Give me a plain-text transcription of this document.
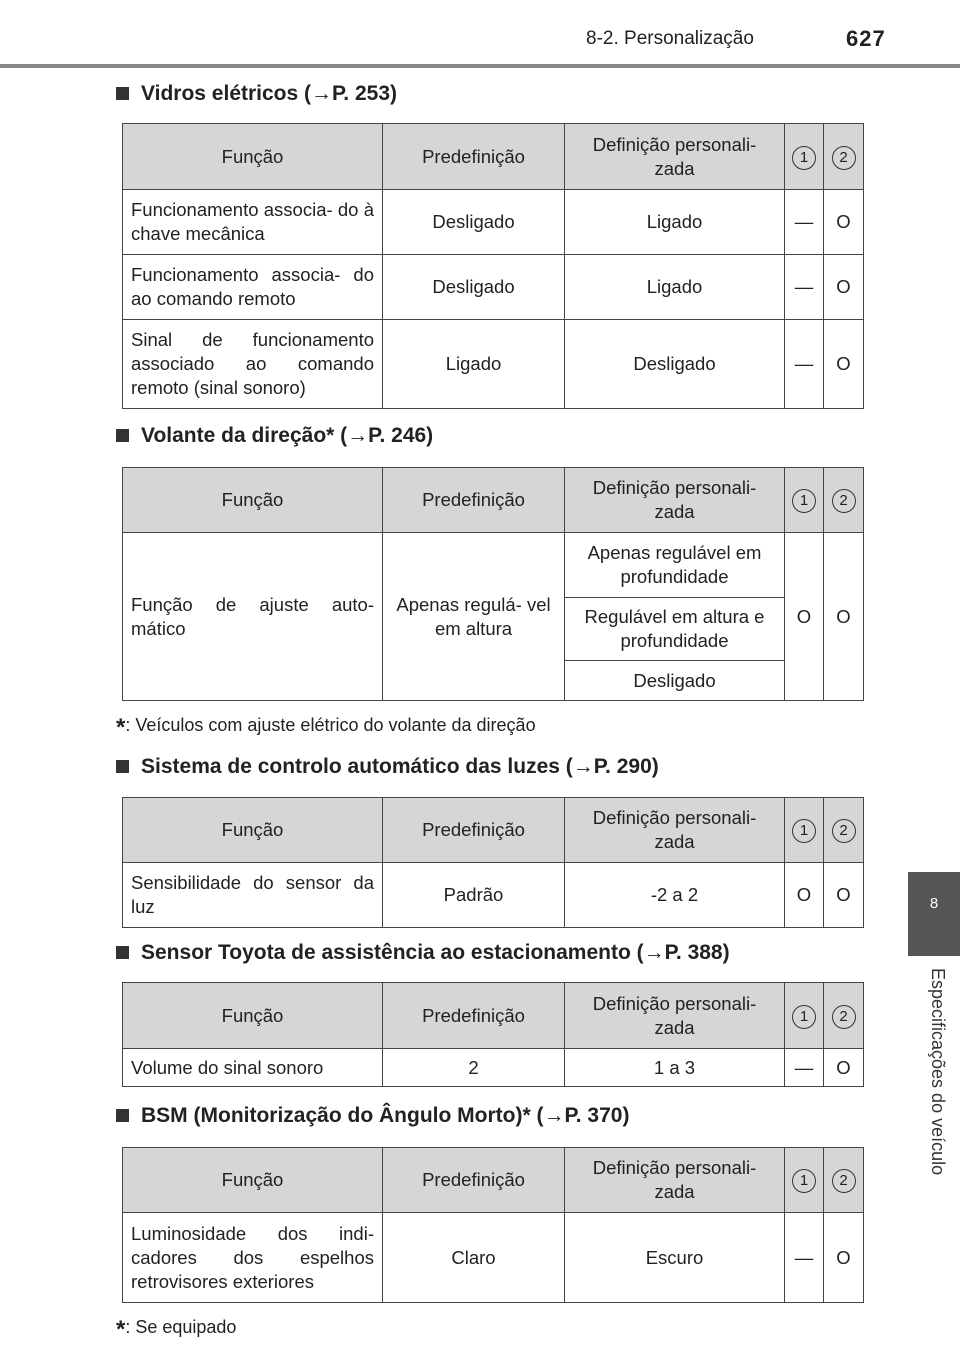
8-2. Personalização	627
8
Especificações do veículo
Vidros elétricos (→P. 253)
Função	Predefinição	Definição personali- zada	1	2
Funcionamento associa- do à chave mecânica	Desligado	Ligado	—	O
Funcionamento associa- do ao comando remoto	Desligado	Ligado	—	O
Sinal de funcionamento associado ao comando remoto (sinal sonoro)	Ligado	Desligado	—	O
Volante da direção* (→P. 246)
Função	Predefinição	Definição personali- zada	1	2
Função de ajuste auto- mático	Apenas regulá- vel em altura	Apenas regulável em profundidade	O	O
		Regulável em altura e profundidade		
		Desligado		
*: Veículos com ajuste elétrico do volante da direção
Sistema de controlo automático das luzes (→P. 290)
Função	Predefinição	Definição personali- zada	1	2
Sensibilidade do sensor da luz	Padrão	-2 a 2	O	O
Sensor Toyota de assistência ao estacionamento (→P. 388)
Função	Predefinição	Definição personali- zada	1	2
Volume do sinal sonoro	2	1 a 3	—	O
BSM (Monitorização do Ângulo Morto)* (→P. 370)
Função	Predefinição	Definição personali- zada	1	2
Luminosidade dos indi- cadores dos espelhos retrovisores exteriores	Claro	Escuro	—	O
*: Se equipado
